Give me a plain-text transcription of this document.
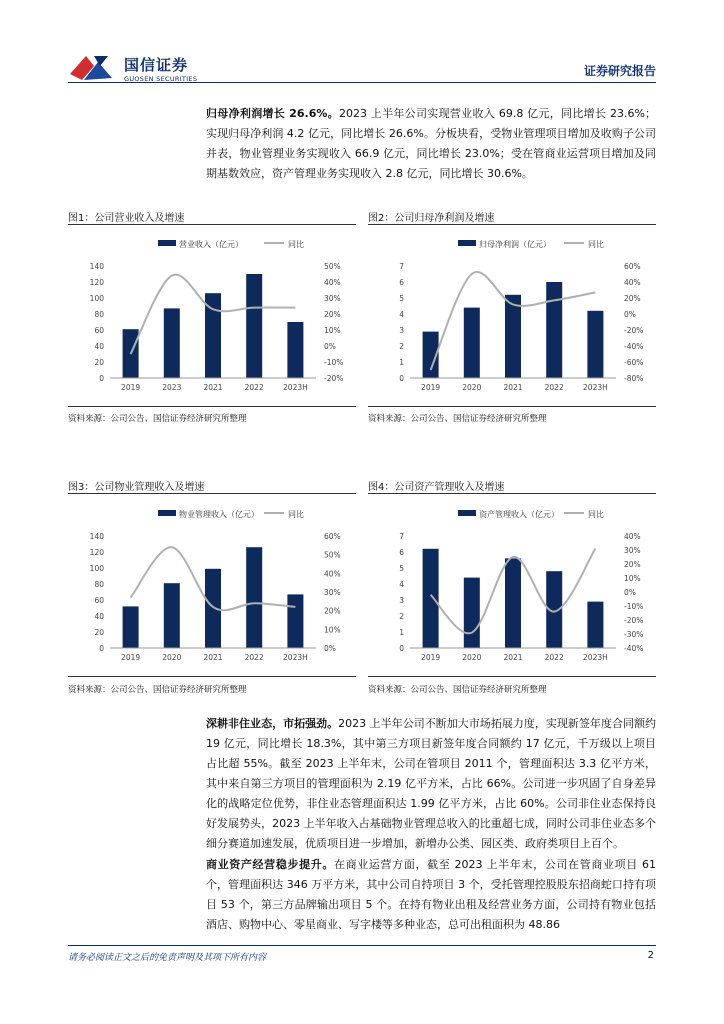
国信证券
GUOSEN SECURITIES
证券研究报告
归母净利润增长 26.6%。2023 上半年公司实现营业收入 69.8 亿元，同比增长 23.6%；实现归母净利润 4.2 亿元，同比增长 26.6%。分板块看，受物业管理项目增加及收购子公司并表，物业管理业务实现收入 66.9 亿元，同比增长 23.0%；受在管商业运营项目增加及同期基数效应，资产管理业务实现收入 2.8 亿元，同比增长 30.6%。
图1：公司营业收入及增速
营业收入（亿元）	同比
0
20
40
60
80
100
120
140
-20%
-10%
0%
10%
20%
30%
40%
50%
2019	2023	2021	2022	2023H
资料来源：公司公告、国信证券经济研究所整理
图2：公司归母净利润及增速
归母净利润（亿元）	同比
0
1
2
3
4
5
6
7
-80%
-60%
-40%
-20%
0%
20%
40%
60%
2019	2020	2021	2022	2023H
资料来源：公司公告、国信证券经济研究所整理
图3：公司物业管理收入及增速
物业管理收入（亿元）	同比
0
20
40
60
80
100
120
140
0%
10%
20%
30%
40%
50%
60%
2019	2020	2021	2022	2023H
资料来源：公司公告、国信证券经济研究所整理
图4：公司资产管理收入及增速
资产管理收入（亿元）	同比
0
1
2
3
4
5
6
7
-40%
-30%
-20%
-10%
0%
10%
20%
30%
40%
2019	2020	2021	2022	2023H
资料来源：公司公告、国信证券经济研究所整理
深耕非住业态，市拓强劲。2023 上半年公司不断加大市场拓展力度，实现新签年度合同额约 19 亿元，同比增长 18.3%，其中第三方项目新签年度合同额约 17 亿元，千万级以上项目占比超 55%。截至 2023 上半年末，公司在管项目 2011 个，管理面积达 3.3 亿平方米，其中来自第三方项目的管理面积为 2.19 亿平方米，占比 66%。公司进一步巩固了自身差异化的战略定位优势，非住业态管理面积达 1.99 亿平方米，占比 60%。公司非住业态保持良好发展势头，2023 上半年收入占基础物业管理总收入的比重超七成，同时公司非住业态多个细分赛道加速发展，优质项目进一步增加，新增办公类、园区类、政府类项目上百个。
商业资产经营稳步提升。在商业运营方面，截至 2023 上半年末，公司在管商业项目 61 个，管理面积达 346 万平方米，其中公司自持项目 3 个，受托管理控股股东招商蛇口持有项目 53 个，第三方品牌输出项目 5 个。在持有物业出租及经营业务方面，公司持有物业包括酒店、购物中心、零星商业、写字楼等多种业态，总可出租面积为 48.86
请务必阅读正文之后的免责声明及其项下所有内容	2
